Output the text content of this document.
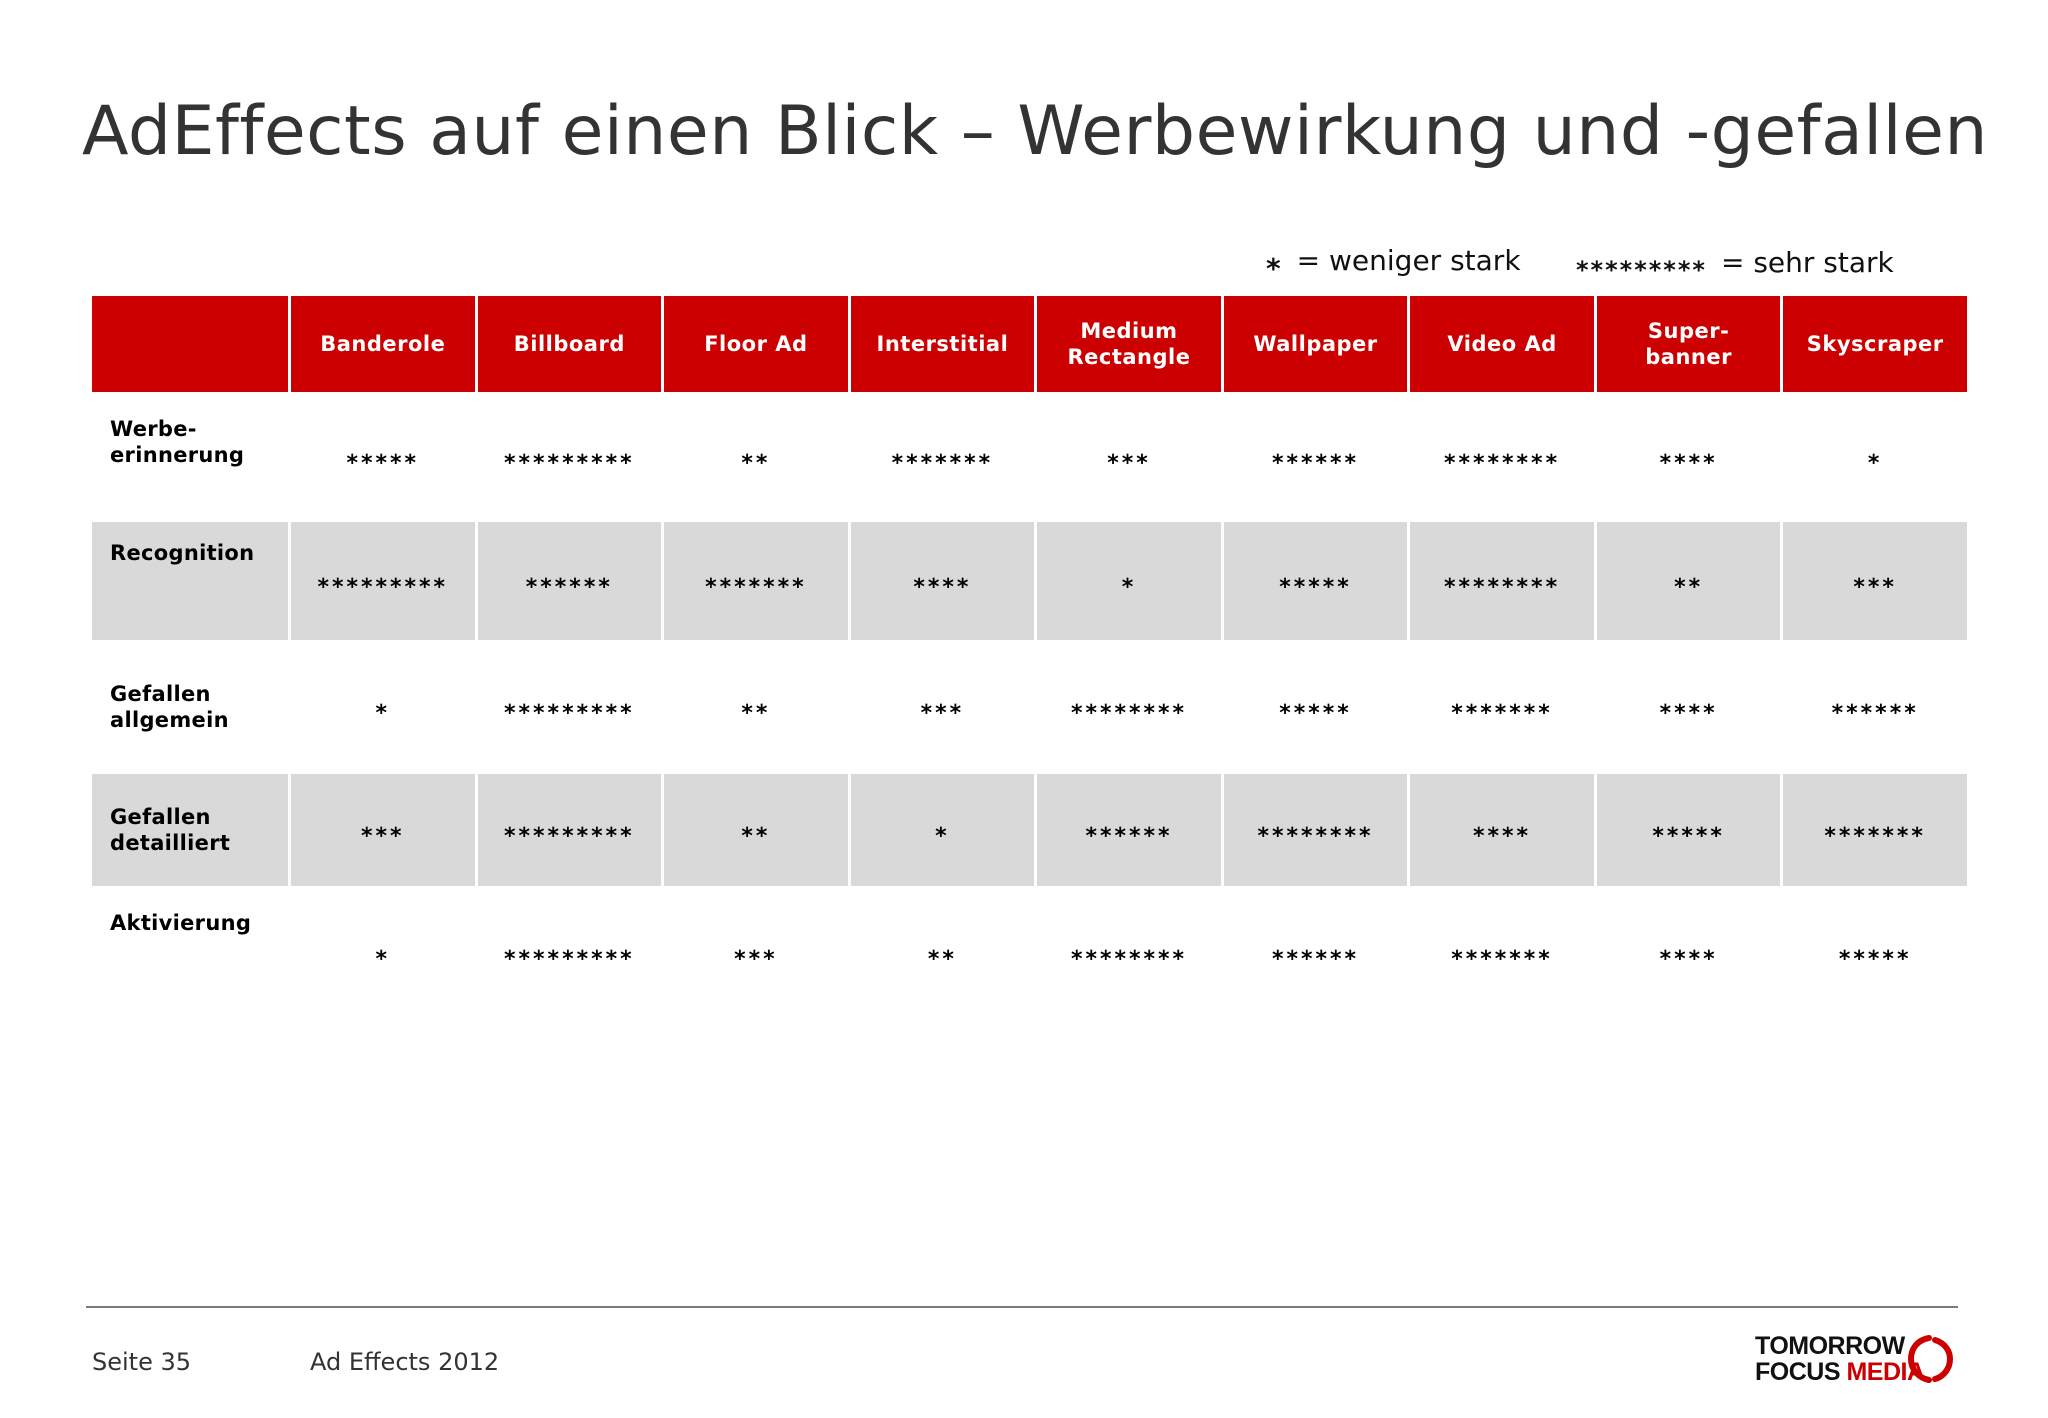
AdEffects auf einen Blick – Werbewirkung und -gefallen
* = weniger stark ********* = sehr stark
	Banderole	Billboard	Floor Ad	Interstitial	Medium
Rectangle	Wallpaper	Video Ad	Super-
banner	Skyscraper
Werbe-
erinnerung	*****	*********	**	*******	***	******	********	****	*
Recognition	*********	******	*******	****	*	*****	********	**	***
Gefallen
allgemein	*	*********	**	***	********	*****	*******	****	******
Gefallen
detailliert	***	*********	**	*	******	********	****	*****	*******
Aktivierung	*	*********	***	**	********	******	*******	****	*****
Seite 35	Ad Effects 2012
TOMORROW
FOCUS MEDIA
